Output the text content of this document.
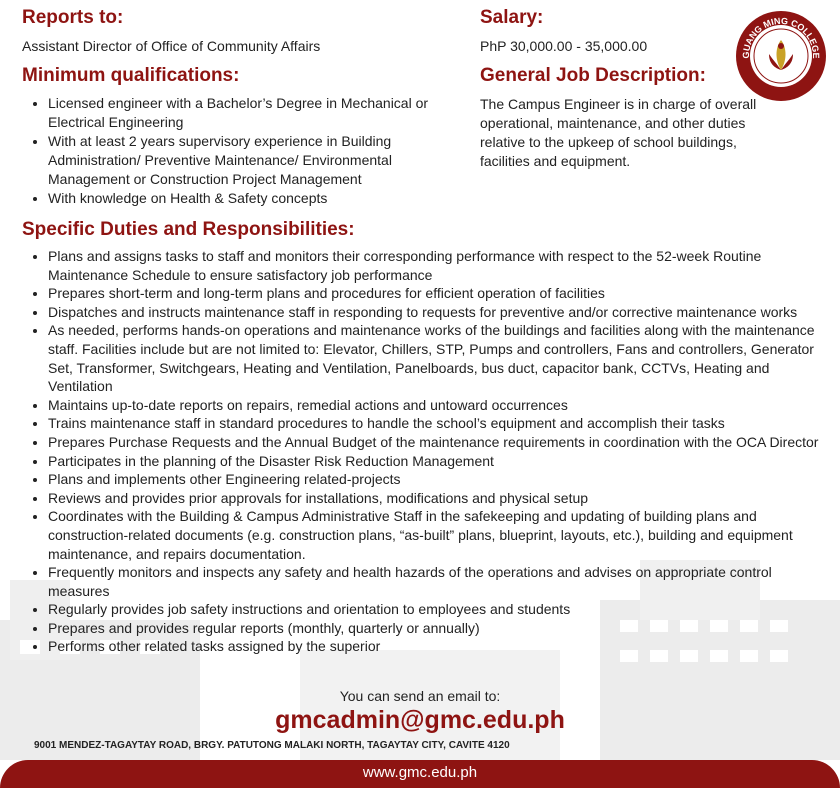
Reports to:

Assistant Director of Office of Community Affairs

Salary:

PhP 30,000.00 - 35,000.00

GUANG MING COLLEGE
Minimum qualifications:
• Licensed engineer with a Bachelor’s Degree in Mechanical or Electrical Engineering
• With at least 2 years supervisory experience in Building Administration/ Preventive Maintenance/ Environmental Management or Construction Project Management
• With knowledge on Health & Safety concepts
General Job Description:

The Campus Engineer is in charge of overall operational, maintenance, and other duties relative to the upkeep of school buildings, facilities and equipment.

Specific Duties and Responsibilities:
• Plans and assigns tasks to staff and monitors their corresponding performance with respect to the 52-week Routine Maintenance Schedule to ensure satisfactory job performance
• Prepares short-term and long-term plans and procedures for efficient operation of facilities
• Dispatches and instructs maintenance staff in responding to requests for preventive and/or corrective maintenance works
• As needed, performs hands-on operations and maintenance works of the buildings and facilities along with the maintenance staff. Facilities include but are not limited to: Elevator, Chillers, STP, Pumps and controllers, Fans and controllers, Generator Set, Transformer, Switchgears, Heating and Ventilation, Panelboards, bus duct, capacitor bank, CCTVs, Heating and Ventilation
• Maintains up-to-date reports on repairs, remedial actions and untoward occurrences
• Trains maintenance staff in standard procedures to handle the school’s equipment and accomplish their tasks
• Prepares Purchase Requests and the Annual Budget of the maintenance requirements in coordination with the OCA Director
• Participates in the planning of the Disaster Risk Reduction Management
• Plans and implements other Engineering related-projects
• Reviews and provides prior approvals for installations, modifications and physical setup
• Coordinates with the Building & Campus Administrative Staff in the safekeeping and updating of building plans and construction-related documents (e.g. construction plans, “as-built” plans, blueprint, layouts, etc.), building and equipment maintenance, and repairs documentation.
• Frequently monitors and inspects any safety and health hazards of the operations and advises on appropriate control measures
• Regularly provides job safety instructions and orientation to employees and students
• Prepares and provides regular reports (monthly, quarterly or annually)
• Performs other related tasks assigned by the superior
You can send an email to:
gmcadmin@gmc.edu.ph
9001 MENDEZ-TAGAYTAY ROAD, BRGY. PATUTONG MALAKI NORTH, TAGAYTAY CITY, CAVITE 4120
www.gmc.edu.ph
